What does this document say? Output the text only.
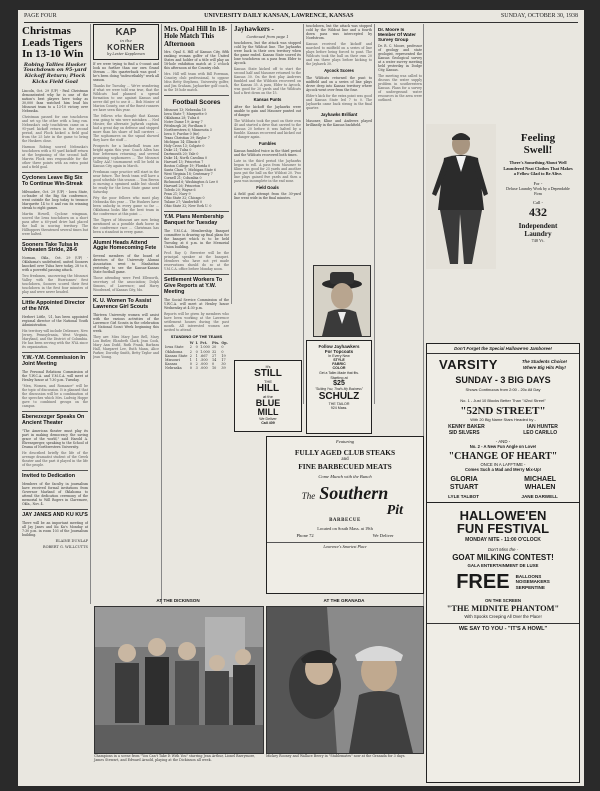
PAGE FOUR	UNIVERSITY DAILY KANSAN, LAWRENCE, KANSAS	SUNDAY, OCTOBER 30, 1938
Christmas Leads Tigers In 13-10 Win
Robing Tallies Husker Touchdown on 95-yard Kickoff Return; Plock Kicks Field Goal

Lincoln, Oct. 29 (UP) - Paul Christman demonstrated why he is one of the nation's best players here today as 30,000 fans watched him lead his Missouri team to a 13-10 victory over Nebraska.

Christman passed for one touchdown and set up the other with a long run. Nebraska's only touchdown came on a 95-yard kickoff return in the second period, and Plock kicked a field goal from the 25 late in the game to bring the Huskers close.

Harmon Robing scored Nebraska's touchdown with a 95 yard kickoff return at the beginning of the second half. Marvin Plock was responsible for the other three points with an extra point and a field goal.

Cyclones Leave Big Six To Continue Win-Streak

Milwaukee, Oct. 29 (UP) - Iowa State, co-leader of the Big Six conference, went outside the loop today to trounce Marquette 14 to 0 and run its winning streak to eight games.

Martin Howell, Cyclone wingman, scored the Iowa touchdown on a short pass after a 60-yard drive had placed the ball in scoring territory. The Hilltoppers threatened several times but were halted.

Sooners Take Tulsa In Unbeaten Stride, 28-6

Norman, Okla., Oct. 29 (UP) - Oklahoma's undefeated, united Sooners knocked over Tulsa here today, 28 to 6, with a powerful passing attack.

Two freshmen, uncovering the Missouri Valley with the Hurricanes' first touchdown, Sooners scored their first touchdown in the first four minutes of play and were never headed.

Little Appointed Director of the NYA

Herbert Little, '21, has been appointed regional director of the National Youth Administration.

His territory will include Delaware, New Jersey, Pennsylvania, West Virginia, Maryland, and the District of Columbia. He has been serving with the NYA since its organization.

Y.W.-Y.M. Commission In Joint Meeting

The Personal Relations Commission of the Y.W.C.A. and Y.M.C.A. will meet at Henley house at 7:30 p.m. Tuesday.

"Men, Women, and Romance" will be the topic of discussion. It is planned that the discussion will be a combination of the speeches which Mrs. Ludwig Hoppe gave to combined groups on the campus.

Ebenezezger Speaks On Ancient Theater

"The American theater must play its part in making democracy the saving grace of the world," said Harold A. Ehrensperger, speaking to the School of Drama of Northwestern University.

He described briefly the life of the average dramatist student of the Greek theater and the part it played in the life of the people.

Invited to Dedication

Members of the faculty in journalism have received formal invitations from Governor Marland of Oklahoma to attend the dedication ceremony of the memorial to Will Rogers in Claremore, Okla., Nov. 4.

JAY JANES AND KU KU'S

There will be an important meeting of all Jay Janes and Ku Ku's Monday at 7:30 p.m. in room 103 of the Journalism building.

ELAINE DUNLAP

ROBERT G. WILLCUTTS

KAP
in the
KORNER
by Lester Kappleman

If we were trying to find a 0-count and look no further than our own Grand Stream ... His quarterback was good - he's been doing "indescribably" work all season.

Thanks for Tuesday ... We're wondering if what we were told was true, that the Wildcats had planned a spread formation to use against Kansas and never did get to use it ... Bob Mosier of Marion County, one of the finest runners we have seen this year.

The fellows who thought that Kansas was going to win were mistaken ... Ned Mosier, the alternate Jayhawk captain, had a great day on defense and stopped more than his share of ball carriers ... The sophomores on the squad showed they have the stuff ...

Prospects for a basketball team are bright again this year. Coach Allen has four lettermen returning, and several promising sophomores ... The Missouri Valley AAU tournament will be held in Kansas City again in March.

Freshman cage practice will start in the near future. The frosh team will have a good schedule this season ... Tom Brown is nursing a sprained ankle but should be ready for the Iowa State game next Saturday.

Pity the poor fellows who must play Nebraska this year ... The Huskers have been unlucky in every game so far ... Oklahoma looks like the best team in the conference at this point ...

The Tigers of Missouri are now being mentioned as a possible dark horse in the conference race ... Christman has been a standout in every game.

Alumni Heads Attend Aggie Homecoming Fete

Several members of the board of directors of the University Alumni Association went to Manhattan yesterday to see the Kansas-Kansas State football game.

Those attending were Fred Ellsworth, secretary of the association; Dolph Simons, of Lawrence; and Harry Woodward, of Kansas City, Mo.

K. U. Women To Assist Lawrence Girl Scouts

Thirteen University women will assist with the various activities of the Lawrence Girl Scouts in the celebration of National Scout Week beginning this week.

They are: Miss Mary Jane Bell, Mary Lou Butler, Elizabeth Clark, Jean Cook, Mary Ann Dodd, Ruth Frank, Barbara Hall, Margaret Lee, Ruth Mann, Alice Parker, Dorothy Smith, Betty Taylor and Jean Young.

Mrs. Opal Hill In 18-Hole Match This Afternoon

Mrs. Opal S. Hill of Kansas City, fifth ranking woman golfer of the United States and holder of a title will play an 18-hole exhibition match at 2 o'clock this afternoon at the Country club.

Mrs. Hill will team with Bill Foreman, Country club professional, to oppose Miss Betty Stephens, University golfer, and Jim Graham, Jayhawker golf coach, in the 18 hole match.

Football Scores
Missouri 13; Nebraska 10
Iowa State 7; Marquette 0
Oklahoma 28; Tulsa 6
Notre Dame 19; Army 7
Pittsburgh 26; Fordham 0
Northwestern 6; Minnesota 3
Iowa 0; Purdue 0 (tie)
Texas Christian 39; Baylor 7
Michigan 14; Illinois 0
Holy Cross 13; Colgate 0
Duke 21; Tulsa 0
Dartmouth 20; Yale 0
Duke 14; North Carolina 0
Harvard 13; Princeton 7
Boston College 19; Florida 0
Santa Clara 7; Michigan State 6
West Virginia 18; Centenary 7
Cornell 21; Columbia 0
Richmond 6; Washington & Lee 0
Harvard 26; Princeton 7
Toledo 20; Wayne 6
Penn 21; Navy 9
Ohio State 32; Chicago 0
Tulane 27; Vanderbilt 0
Ohio State 32; New York U. 0
Y.M. Plans Membership Banquet for Tuesday

The Y.M.C.A. Membership Banquet committee is drawing up final plans for the banquet which is to be held Tuesday, at 6 p.m. in the Memorial Union building.

Prof. Ray Q. Brewster will be the principal speaker at the banquet. Members who have not yet made reservations should do so at the Y.M.C.A. office before Monday noon.

Settlement Workers To Give Reports at Y.W. Meeting

The Social Service Commission of the Y.W.C.A. will meet at Henley house Wednesday at 4:30 p.m.

Reports will be given by members who have been working at the Lawrence settlement houses during the past month. All interested women are invited to attend.

STANDING OF THE TEAMS
	W	L	Pct.	Pts.	Op.
Iowa State	2	0	1.000	20	0
Oklahoma	2	0	1.000	32	0
Kansas State	2	1	.667	27	19
Missouri	1	1	.500	14	17
Kansas	0	2	.000	0	30
Nebraska	0	3	.000	10	39
Jayhawkers -
Continued from page 1

touchdown, but the attack was stopped cold by the Wildcat line. The Jayhawks were back in their own territory when the game ended. Kansas State scored its lone touchdown on a pass from Elder to Aycock.

Kansas State kicked off to start the second half and Masoner returned to the Kansas 30. On the first play Andrews fumbled and the Wildcats recovered on the Kansas 35. A pass, Elder to Aycock, was good for 20 yards and the Wildcats had a first down on the 15.

Kansas Punts

After the kickoff the Jayhawks were unable to gain and Masoner punted out of danger.

The Wildcats took the punt on their own 40 and started a drive that carried to the Kansas 20 before it was halted by a fumble. Kansas recovered and kicked out of danger again.

Fumbles

Kansas fumbled twice in the third period and the Wildcats recovered both times.

Late in the third period the Jayhawks began to roll. A pass from Masoner to Kline was good for 25 yards and another pass put the ball on the Wildcat 20. Two line plays gained five yards and then a pass was incomplete in the end zone.

Field Goals

A field goal attempt from the 30-yard line went wide in the final minutes.

touchdown, but the attack was stopped cold by the Wildcat line and a fourth down pass was intercepted by Nordstrom.

Kansas received the kickoff and marched to midfield on a series of line plays before being forced to punt. The Wildcats took the ball on their own 20 and ran three plays before kicking to the Jayhawk 30.

Aycock Scores

The Wildcats returned the punt to midfield and on a series of line plays drove deep into Kansas territory where Aycock went over from the four.

Elder's kick for the extra point was good and Kansas State led 7 to 0. The Jayhawks came back strong in the final quarter.

Jayhawks Brilliant

Masoner, Kline and Andrews played brilliantly in the Kansas backfield.

Follow Jayhawkers
For Topcoats
In Every New
STYLE
FABRIC
COLOR
Get a Taller-Made that fits.
Starting at
$25
"Suiting You, That's My Business"
SCHULZ
THE TAILOR
924 Mass.
It's
STILL
THE
HILL
at the
BLUE
MILL
We Deliver
Call 409
Featuring
FULLY AGED CLUB STEAKS
and
FINE BARBECUED MEATS
Come Munch with the Bunch
The Southern
Pit
BARBECUE
Located on South Mass. at 19th
Phone 72	We Deliver
Lawrence's Smartest Place
Dr. Moore Is Member Of Water Survey Group

Dr. R. C. Moore, professor of geology and state geologist, represented the Kansas Geological survey at a water survey meeting held yesterday in Dodge City, Kansas.

The meeting was called to discuss the water supply problem in southwestern Kansas. Plans for a survey of underground water resources in the area were outlined.

Feeling
Swell!
There's Something About Well Laundered Neat Clothes That Makes a Fellow Glad to Be Alive.
For -
Deluxe Laundry Work by a Dependable Firm
Call -
432
Independent
Laundry
740 Vt.
Don't Forget the Special Hallowe'en Jamboree!
VARSITY	The Students Choice!
Where Big Hits Play!
SUNDAY - 3 BIG DAYS
Shows Continuous from 2:00 - 20c All Day
No. 1 - Just 10 Blocks Better Than "42nd Street"
"52ND STREET"
With 20 Big Name Stars Headed by -
KENNY BAKER	IAN HUNTER
SID SILVERS	LEO CARILLO
- AND -
No. 2 - A New Fun Angle on Love!
"CHANGE OF HEART"
ONCE IN A LAFFTIME -
Comes Such a Mad and Merry Mix-Up!
GLORIA
STUART
MICHAEL
WHALEN
LYLE TALBOT	JANE DARWELL
HALLOWE'EN
FUN FESTIVAL
MONDAY NITE - 11:00 O'CLOCK
Don't Miss the -
GOAT MILKING CONTEST!
GALA ENTERTAINMENT DE LUXE
FREE BALLOONS
NOISEMAKERS
SERPENTINE
ON THE SCREEN
"THE MIDNITE PHANTOM"
With Spooks Creeping All Over the Place!
WE SAY TO YOU - "IT'S A HOWL"
AT THE DICKINSON
Champions in a scene from "You Can't Take It With You" starring Jean Arthur, Lionel Barrymore, James Stewart, and Edward Arnold, playing at the Dickinson all week.
AT THE GRANADA
Mickey Rooney and Wallace Beery in "Stablemates" now at the Granada for 3 days.
